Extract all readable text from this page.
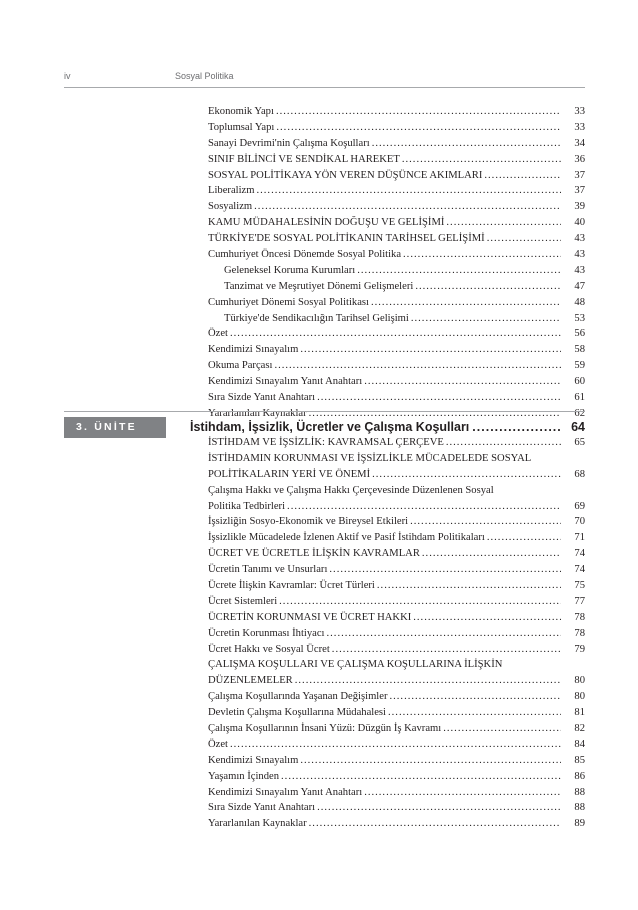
iv	Sosyal Politika
Ekonomik Yapı .....	33
Toplumsal Yapı .....	33
Sanayi Devrimi'nin Çalışma Koşulları .....	34
SINIF BİLİNCİ VE SENDİKAL HAREKET .....	36
SOSYAL POLİTİKAYA YÖN VEREN DÜŞÜNCE AKIMLARI .....	37
Liberalizm .....	37
Sosyalizm .....	39
KAMU MÜDAHALESİNİN DOĞUŞU VE GELİŞİMİ .....	40
TÜRKİYE'DE SOSYAL POLİTİKANIN TARİHSEL GELİŞİMİ .....	43
Cumhuriyet Öncesi Dönemde Sosyal Politika .....	43
Geleneksel Koruma Kurumları .....	43
Tanzimat ve Meşrutiyet Dönemi Gelişmeleri .....	47
Cumhuriyet Dönemi Sosyal Politikası .....	48
Türkiye'de Sendikacılığın Tarihsel Gelişimi .....	53
Özet .....	56
Kendimizi Sınayalım .....	58
Okuma Parçası .....	59
Kendimizi Sınayalım Yanıt Anahtarı .....	60
Sıra Sizde Yanıt Anahtarı .....	61
Yararlanılan Kaynaklar .....	62
3. ÜNİTE	İstihdam, İşsizlik, Ücretler ve Çalışma Koşulları .....	64
İSTİHDAM VE İŞSİZLİK: KAVRAMSAL ÇERÇEVE .....	65
İSTİHDAMIN KORUNMASI VE İŞSİZLİKLE MÜCADELEDE SOSYAL
POLİTİKALARIN YERİ VE ÖNEMİ .....	68
Çalışma Hakkı ve Çalışma Hakkı Çerçevesinde Düzenlenen Sosyal
Politika Tedbirleri .....	69
İşsizliğin Sosyo-Ekonomik ve Bireysel Etkileri .....	70
İşsizlikle Mücadelede İzlenen Aktif ve Pasif İstihdam Politikaları .....	71
ÜCRET VE ÜCRETLE İLİŞKİN KAVRAMLAR .....	74
Ücretin Tanımı ve Unsurları .....	74
Ücrete İlişkin Kavramlar: Ücret Türleri .....	75
Ücret Sistemleri .....	77
ÜCRETİN KORUNMASI VE ÜCRET HAKKI .....	78
Ücretin Korunması İhtiyacı .....	78
Ücret Hakkı ve Sosyal Ücret .....	79
ÇALIŞMA KOŞULLARI VE ÇALIŞMA KOŞULLARINA İLİŞKİN
DÜZENLEMELER .....	80
Çalışma Koşullarında Yaşanan Değişimler .....	80
Devletin Çalışma Koşullarına Müdahalesi .....	81
Çalışma Koşullarının İnsani Yüzü: Düzgün İş Kavramı .....	82
Özet .....	84
Kendimizi Sınayalım .....	85
Yaşamın İçinden .....	86
Kendimizi Sınayalım Yanıt Anahtarı .....	88
Sıra Sizde Yanıt Anahtarı .....	88
Yararlanılan Kaynaklar .....	89
